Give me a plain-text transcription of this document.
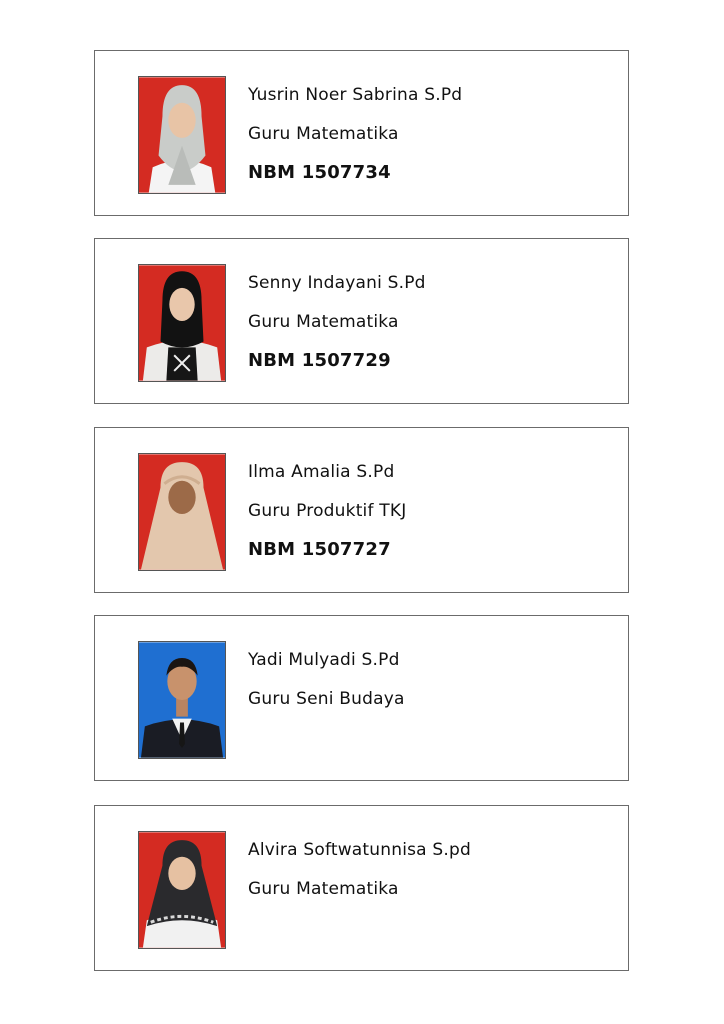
Yusrin Noer Sabrina S.Pd
Guru Matematika
NBM 1507734
Senny Indayani S.Pd
Guru Matematika
NBM 1507729
Ilma Amalia S.Pd
Guru Produktif TKJ
NBM 1507727
Yadi Mulyadi S.Pd
Guru Seni Budaya
Alvira Softwatunnisa S.pd
Guru Matematika
